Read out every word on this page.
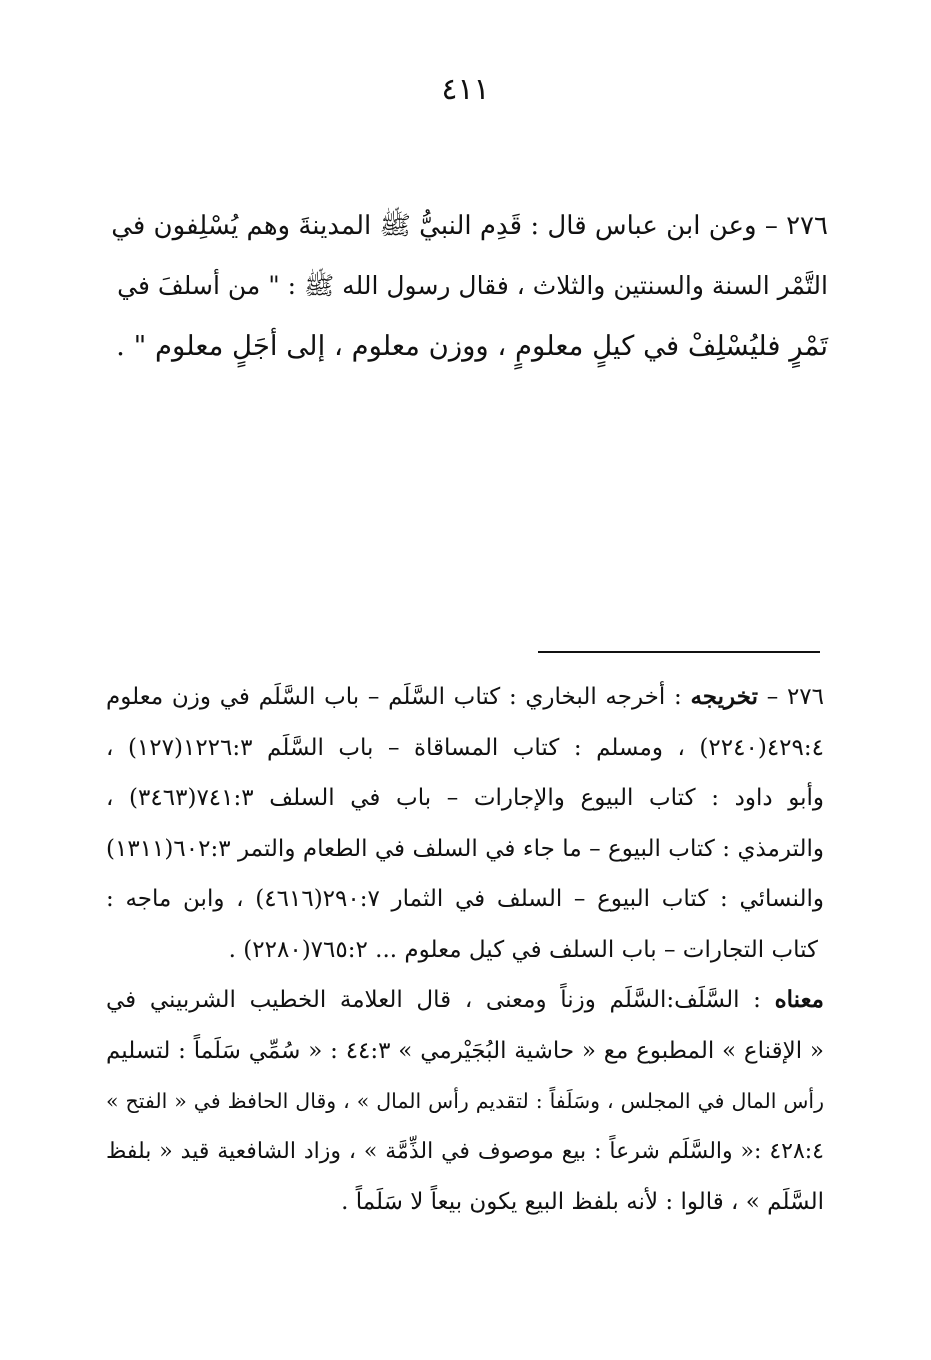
٤١١

٢٧٦ – وعن ابن عباس قال : قَدِم النبيُّ ﷺ المدينةَ وهم يُسْلِفون في

التَّمْر السنة والسنتين والثلاث ، فقال رسول الله ﷺ : " من أسلفَ في

تَمْرٍ فليُسْلِفْ في كيلٍ معلومٍ ، ووزن معلوم ، إلى أجَلٍ معلوم " .

٢٧٦ – تخريجه : أخرجه البخاري : كتاب السَّلَم – باب السَّلَم في وزن معلوم

٤٢٩:٤(٢٢٤٠) ، ومسلم : كتاب المساقاة – باب السَّلَم ١٢٢٦:٣(١٢٧) ،

وأبو داود : كتاب البيوع والإجارات – باب في السلف ٧٤١:٣(٣٤٦٣) ،

والترمذي : كتاب البيوع – ما جاء في السلف في الطعام والتمر ٦٠٢:٣(١٣١١)

والنسائي : كتاب البيوع – السلف في الثمار ٢٩٠:٧(٤٦١٦) ، وابن ماجه :

كتاب التجارات – باب السلف في كيل معلوم ... ٧٦٥:٢(٢٢٨٠) .

معناه : السَّلَف:السَّلَم وزناً ومعنى ، قال العلامة الخطيب الشربيني في

« الإقناع » المطبوع مع « حاشية البُجَيْرمي » ٤٤:٣ : « سُمِّي سَلَماً : لتسليم

رأس المال في المجلس ، وسَلَفاً : لتقديم رأس المال » ، وقال الحافظ في « الفتح »

٤٢٨:٤ :« والسَّلَم شرعاً : بيع موصوف في الذِّمَّة » ، وزاد الشافعية قيد « بلفظ

السَّلَم » ، قالوا : لأنه بلفظ البيع يكون بيعاً لا سَلَماً .
